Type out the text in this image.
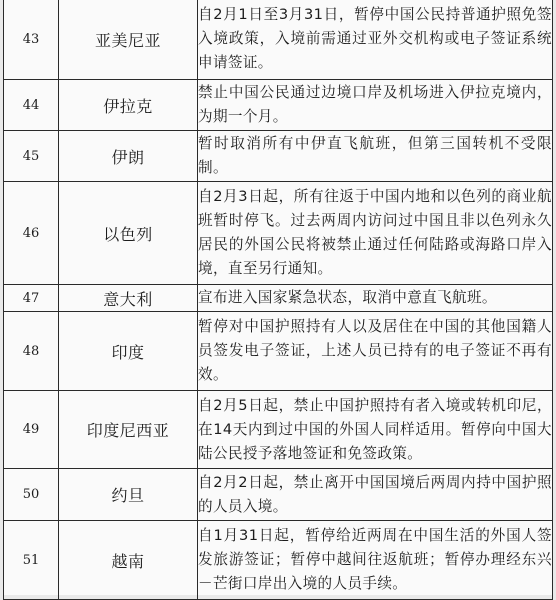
43	亚美尼亚	自2月1日至3月31日，暂停中国公民持普通护照免签入境政策，入境前需通过亚外交机构或电子签证系统申请签证。
44	伊拉克	禁止中国公民通过边境口岸及机场进入伊拉克境内，为期一个月。
45	伊朗	暂时取消所有中伊直飞航班，但第三国转机不受限制。
46	以色列	自2月3日起，所有往返于中国内地和以色列的商业航班暂时停飞。过去两周内访问过中国且非以色列永久居民的外国公民将被禁止通过任何陆路或海路口岸入境，直至另行通知。
47	意大利	宣布进入国家紧急状态，取消中意直飞航班。
48	印度	暂停对中国护照持有人以及居住在中国的其他国籍人员签发电子签证，上述人员已持有的电子签证不再有效。
49	印度尼西亚	自2月5日起，禁止中国护照持有者入境或转机印尼，在14天内到过中国的外国人同样适用。暂停向中国大陆公民授予落地签证和免签政策。
50	约旦	自2月2日起，禁止离开中国国境后两周内持中国护照的人员入境。
51	越南	自1月31日起，暂停给近两周在中国生活的外国人签发旅游签证；暂停中越间往返航班；暂停办理经东兴－芒街口岸出入境的人员手续。
